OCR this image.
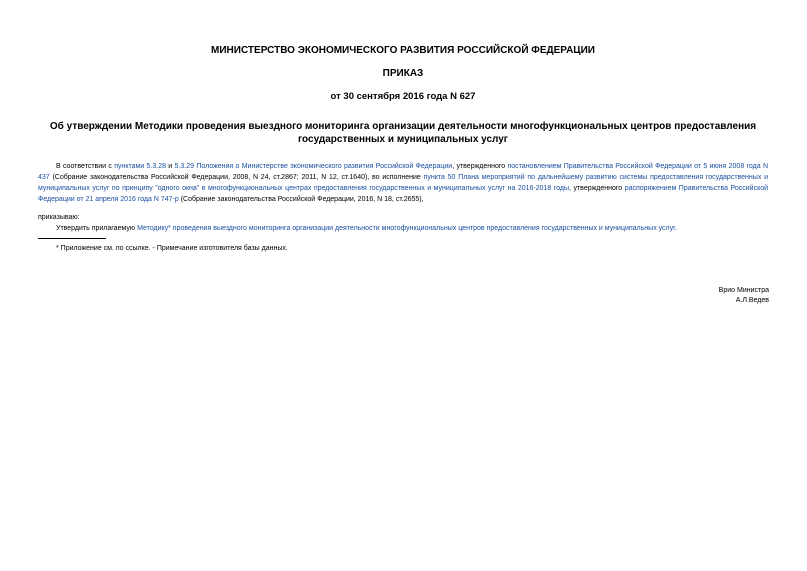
МИНИСТЕРСТВО ЭКОНОМИЧЕСКОГО РАЗВИТИЯ РОССИЙСКОЙ ФЕДЕРАЦИИ
ПРИКАЗ
от 30 сентября 2016 года N 627
Об утверждении Методики проведения выездного мониторинга организации деятельности многофункциональных центров предоставления государственных и муниципальных услуг
В соответствии с пунктами 5.3.28 и 5.3.29 Положения о Министерстве экономического развития Российской Федерации, утвержденного постановлением Правительства Российской Федерации от 5 июня 2008 года N 437 (Собрание законодательства Российской Федерации, 2008, N 24, ст.2867; 2011, N 12, ст.1640), во исполнение пункта 50 Плана мероприятий по дальнейшему развитию системы предоставления государственных и муниципальных услуг по принципу "одного окна" в многофункциональных центрах предоставления государственных и муниципальных услуг на 2016-2018 годы, утвержденного распоряжением Правительства Российской Федерации от 21 апреля 2016 года N 747-р (Собрание законодательства Российской Федерации, 2016, N 18, ст.2655),
приказываю:
Утвердить прилагаемую Методику* проведения выездного мониторинга организации деятельности многофункциональных центров предоставления государственных и муниципальных услуг.
* Приложение см. по ссылке. - Примечание изготовителя базы данных.
Врио Министра
А.Л.Ведев
